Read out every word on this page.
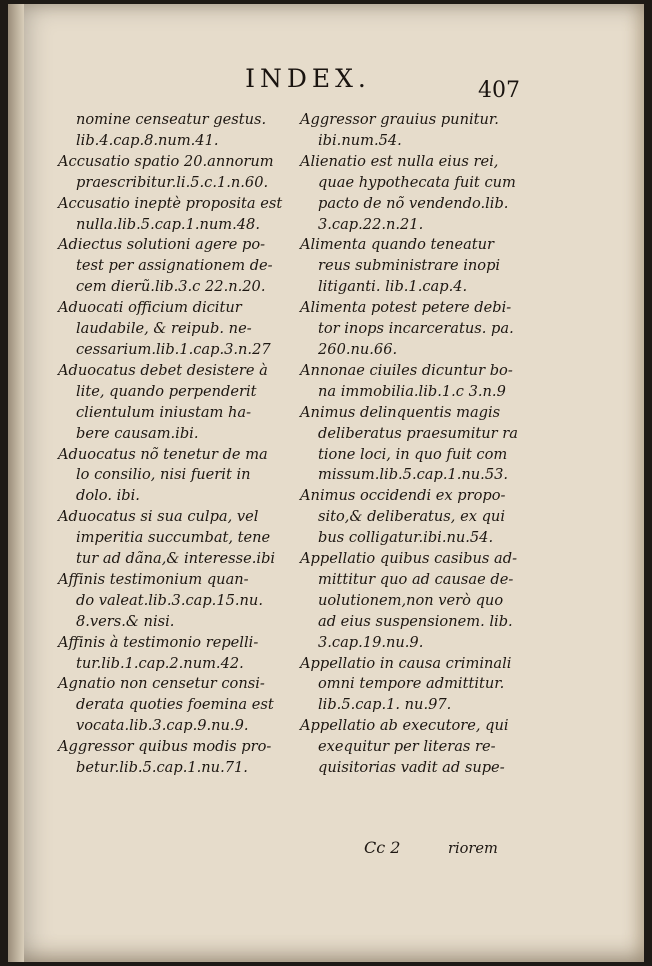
INDEX.	407
nomine censeatur gestus.
lib.4.cap.8.num.41.
Accusatio spatio 20.annorum
praescribitur.li.5.c.1.n.60.
Accusatio ineptè proposita est
nulla.lib.5.cap.1.num.48.
Adiectus solutioni agere po-
test per assignationem de-
cem dierũ.lib.3.c 22.n.20.
Aduocati officium dicitur
laudabile, & reipub. ne-
cessarium.lib.1.cap.3.n.27
Aduocatus debet desistere à
lite, quando perpenderit
clientulum iniustam ha-
bere causam.ibi.
Aduocatus nõ tenetur de ma
lo consilio, nisi fuerit in
dolo. ibi.
Aduocatus si sua culpa, vel
imperitia succumbat, tene
tur ad dãna,& interesse.ibi
Affinis testimonium quan-
do valeat.lib.3.cap.15.nu.
8.vers.& nisi.
Affinis à testimonio repelli-
tur.lib.1.cap.2.num.42.
Agnatio non censetur consi-
derata quoties foemina est
vocata.lib.3.cap.9.nu.9.
Aggressor quibus modis pro-
betur.lib.5.cap.1.nu.71.
Aggressor grauius punitur.
ibi.num.54.
Alienatio est nulla eius rei,
quae hypothecata fuit cum
pacto de nõ vendendo.lib.
3.cap.22.n.21.
Alimenta quando teneatur
reus subministrare inopi
litiganti. lib.1.cap.4.
Alimenta potest petere debi-
tor inops incarceratus. pa.
260.nu.66.
Annonae ciuiles dicuntur bo-
na immobilia.lib.1.c 3.n.9
Animus delinquentis magis
deliberatus praesumitur ra
tione loci, in quo fuit com
missum.lib.5.cap.1.nu.53.
Animus occidendi ex propo-
sito,& deliberatus, ex qui
bus colligatur.ibi.nu.54.
Appellatio quibus casibus ad-
mittitur quo ad causae de-
uolutionem,non verò quo
ad eius suspensionem. lib.
3.cap.19.nu.9.
Appellatio in causa criminali
omni tempore admittitur.
lib.5.cap.1. nu.97.
Appellatio ab executore, qui
exequitur per literas re-
quisitorias vadit ad supe-
Cc 2	riorem
